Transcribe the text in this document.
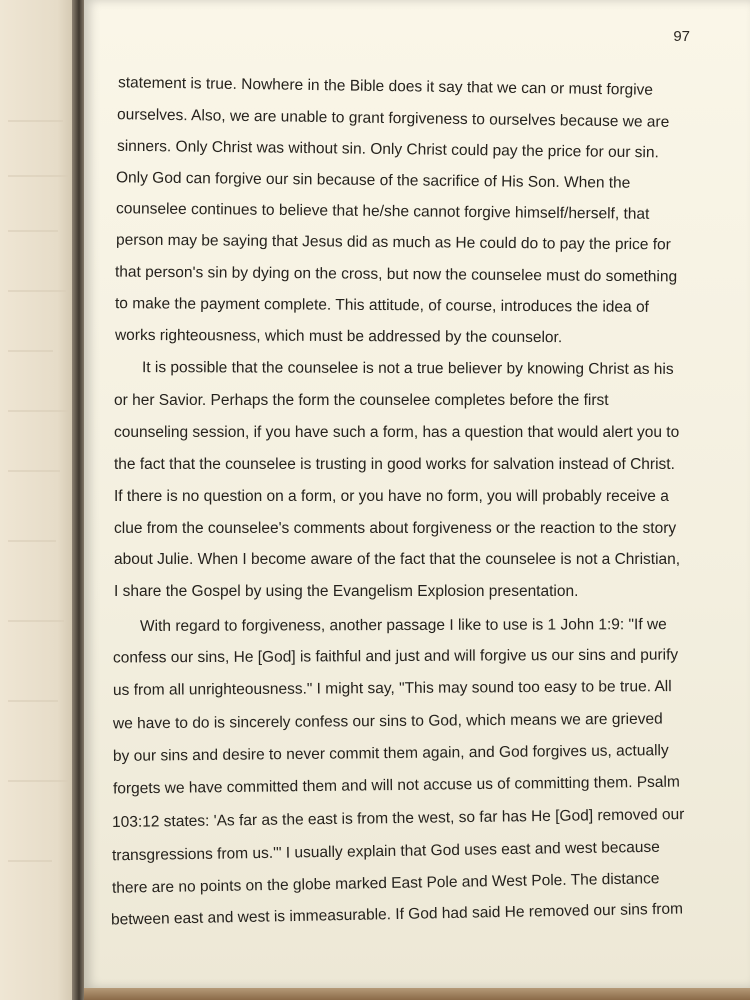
97
statement is true. Nowhere in the Bible does it say that we can or must forgive
ourselves. Also, we are unable to grant forgiveness to ourselves because we are
sinners. Only Christ was without sin. Only Christ could pay the price for our sin.
Only God can forgive our sin because of the sacrifice of His Son. When the
counselee continues to believe that he/she cannot forgive himself/herself, that
person may be saying that Jesus did as much as He could do to pay the price for
that person's sin by dying on the cross, but now the counselee must do something
to make the payment complete. This attitude, of course, introduces the idea of
works righteousness, which must be addressed by the counselor.
It is possible that the counselee is not a true believer by knowing Christ as his
or her Savior. Perhaps the form the counselee completes before the first
counseling session, if you have such a form, has a question that would alert you to
the fact that the counselee is trusting in good works for salvation instead of Christ.
If there is no question on a form, or you have no form, you will probably receive a
clue from the counselee's comments about forgiveness or the reaction to the story
about Julie. When I become aware of the fact that the counselee is not a Christian,
I share the Gospel by using the Evangelism Explosion presentation.
With regard to forgiveness, another passage I like to use is 1 John 1:9: "If we
confess our sins, He [God] is faithful and just and will forgive us our sins and purify
us from all unrighteousness." I might say, "This may sound too easy to be true. All
we have to do is sincerely confess our sins to God, which means we are grieved
by our sins and desire to never commit them again, and God forgives us, actually
forgets we have committed them and will not accuse us of committing them. Psalm
103:12 states: 'As far as the east is from the west, so far has He [God] removed our
transgressions from us.'" I usually explain that God uses east and west because
there are no points on the globe marked East Pole and West Pole. The distance
between east and west is immeasurable. If God had said He removed our sins from
